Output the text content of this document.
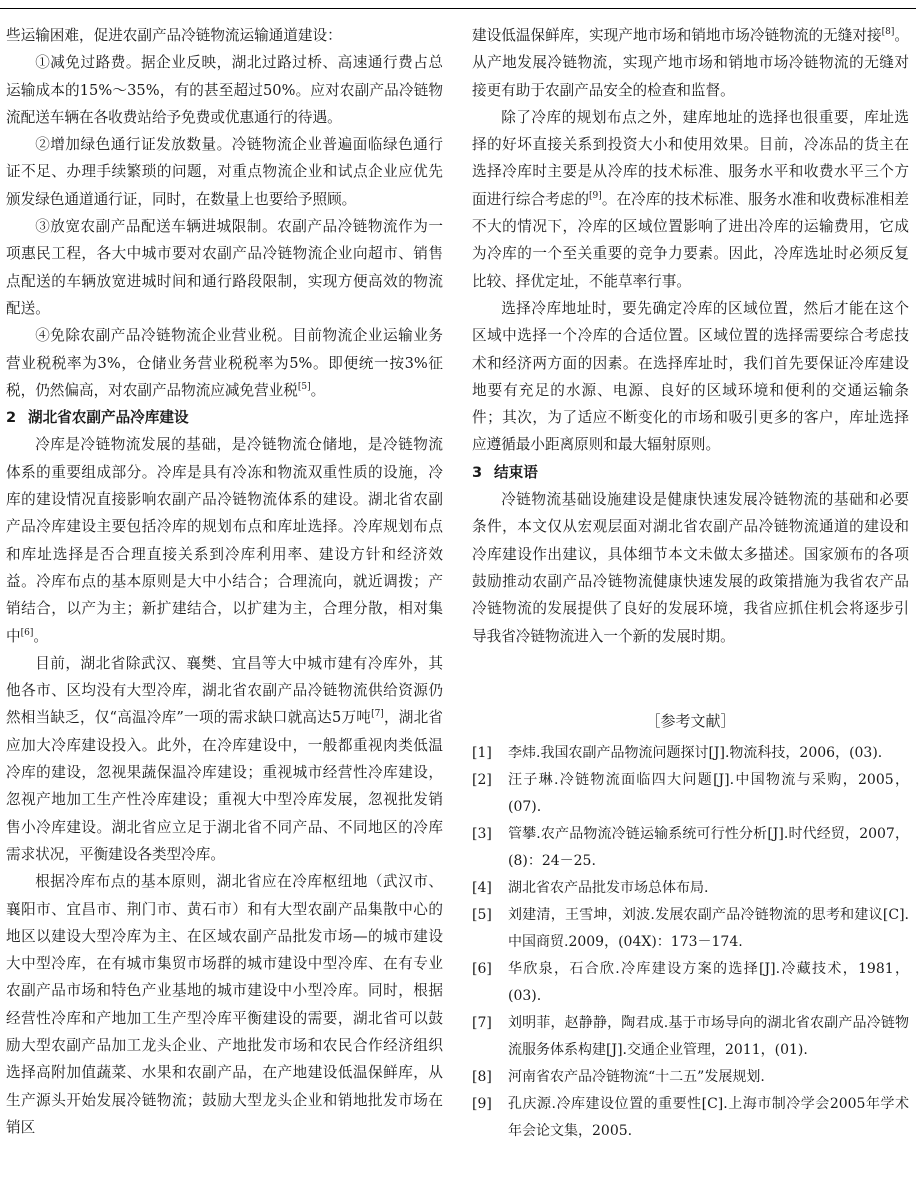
些运输困难，促进农副产品冷链物流运输通道建设：

①减免过路费。据企业反映，湖北过路过桥、高速通行费占总运输成本的15%～35%，有的甚至超过50%。应对农副产品冷链物流配送车辆在各收费站给予免费或优惠通行的待遇。

②增加绿色通行证发放数量。冷链物流企业普遍面临绿色通行证不足、办理手续繁琐的问题，对重点物流企业和试点企业应优先颁发绿色通道通行证，同时，在数量上也要给予照顾。

③放宽农副产品配送车辆进城限制。农副产品冷链物流作为一项惠民工程，各大中城市要对农副产品冷链物流企业向超市、销售点配送的车辆放宽进城时间和通行路段限制，实现方便高效的物流配送。

④免除农副产品冷链物流企业营业税。目前物流企业运输业务营业税税率为3%，仓储业务营业税税率为5%。即便统一按3%征税，仍然偏高，对农副产品物流应减免营业税[5]。

2 湖北省农副产品冷库建设

冷库是冷链物流发展的基础，是冷链物流仓储地，是冷链物流体系的重要组成部分。冷库是具有冷冻和物流双重性质的设施，冷库的建设情况直接影响农副产品冷链物流体系的建设。湖北省农副产品冷库建设主要包括冷库的规划布点和库址选择。冷库规划布点和库址选择是否合理直接关系到冷库利用率、建设方针和经济效益。冷库布点的基本原则是大中小结合；合理流向，就近调拨；产销结合，以产为主；新扩建结合，以扩建为主，合理分散，相对集中[6]。

目前，湖北省除武汉、襄樊、宜昌等大中城市建有冷库外，其他各市、区均没有大型冷库，湖北省农副产品冷链物流供给资源仍然相当缺乏，仅“高温冷库”一项的需求缺口就高达5万吨[7]，湖北省应加大冷库建设投入。此外，在冷库建设中，一般都重视肉类低温冷库的建设，忽视果蔬保温冷库建设；重视城市经营性冷库建设，忽视产地加工生产性冷库建设；重视大中型冷库发展，忽视批发销售小冷库建设。湖北省应立足于湖北省不同产品、不同地区的冷库需求状况，平衡建设各类型冷库。

根据冷库布点的基本原则，湖北省应在冷库枢纽地（武汉市、襄阳市、宜昌市、荆门市、黄石市）和有大型农副产品集散中心的地区以建设大型冷库为主、在区域农副产品批发市场—的城市建设大中型冷库，在有城市集贸市场群的城市建设中型冷库、在有专业农副产品市场和特色产业基地的城市建设中小型冷库。同时，根据经营性冷库和产地加工生产型冷库平衡建设的需要，湖北省可以鼓励大型农副产品加工龙头企业、产地批发市场和农民合作经济组织选择高附加值蔬菜、水果和农副产品，在产地建设低温保鲜库，从生产源头开始发展冷链物流；鼓励大型龙头企业和销地批发市场在销区

建设低温保鲜库，实现产地市场和销地市场冷链物流的无缝对接[8]。从产地发展冷链物流，实现产地市场和销地市场冷链物流的无缝对接更有助于农副产品安全的检查和监督。

除了冷库的规划布点之外，建库地址的选择也很重要，库址选择的好坏直接关系到投资大小和使用效果。目前，冷冻品的货主在选择冷库时主要是从冷库的技术标准、服务水平和收费水平三个方面进行综合考虑的[9]。在冷库的技术标准、服务水准和收费标准相差不大的情况下，冷库的区域位置影响了进出冷库的运输费用，它成为冷库的一个至关重要的竞争力要素。因此，冷库选址时必须反复比较、择优定址，不能草率行事。

选择冷库地址时，要先确定冷库的区域位置，然后才能在这个区域中选择一个冷库的合适位置。区域位置的选择需要综合考虑技术和经济两方面的因素。在选择库址时，我们首先要保证冷库建设地要有充足的水源、电源、良好的区域环境和便利的交通运输条件；其次，为了适应不断变化的市场和吸引更多的客户，库址选择应遵循最小距离原则和最大辐射原则。

3 结束语

冷链物流基础设施建设是健康快速发展冷链物流的基础和必要条件，本文仅从宏观层面对湖北省农副产品冷链物流通道的建设和冷库建设作出建议，具体细节本文未做太多描述。国家颁布的各项鼓励推动农副产品冷链物流健康快速发展的政策措施为我省农产品冷链物流的发展提供了良好的发展环境，我省应抓住机会将逐步引导我省冷链物流进入一个新的发展时期。

［参考文献］
[1]	李炜.我国农副产品物流问题探讨[J].物流科技，2006，(03).
[2]	汪子琳.冷链物流面临四大问题[J].中国物流与采购，2005，(07).
[3]	管攀.农产品物流冷链运输系统可行性分析[J].时代经贸，2007，(8)：24－25.
[4]	湖北省农产品批发市场总体布局.
[5]	刘建清，王雪坤，刘波.发展农副产品冷链物流的思考和建议[C].中国商贸.2009，(04X)：173－174.
[6]	华欣泉，石合欣.冷库建设方案的选择[J].冷藏技术，1981，(03).
[7]	刘明菲，赵静静，陶君成.基于市场导向的湖北省农副产品冷链物流服务体系构建[J].交通企业管理，2011，(01).
[8]	河南省农产品冷链物流“十二五”发展规划.
[9]	孔庆源.冷库建设位置的重要性[C].上海市制冷学会2005年学术年会论文集，2005.
